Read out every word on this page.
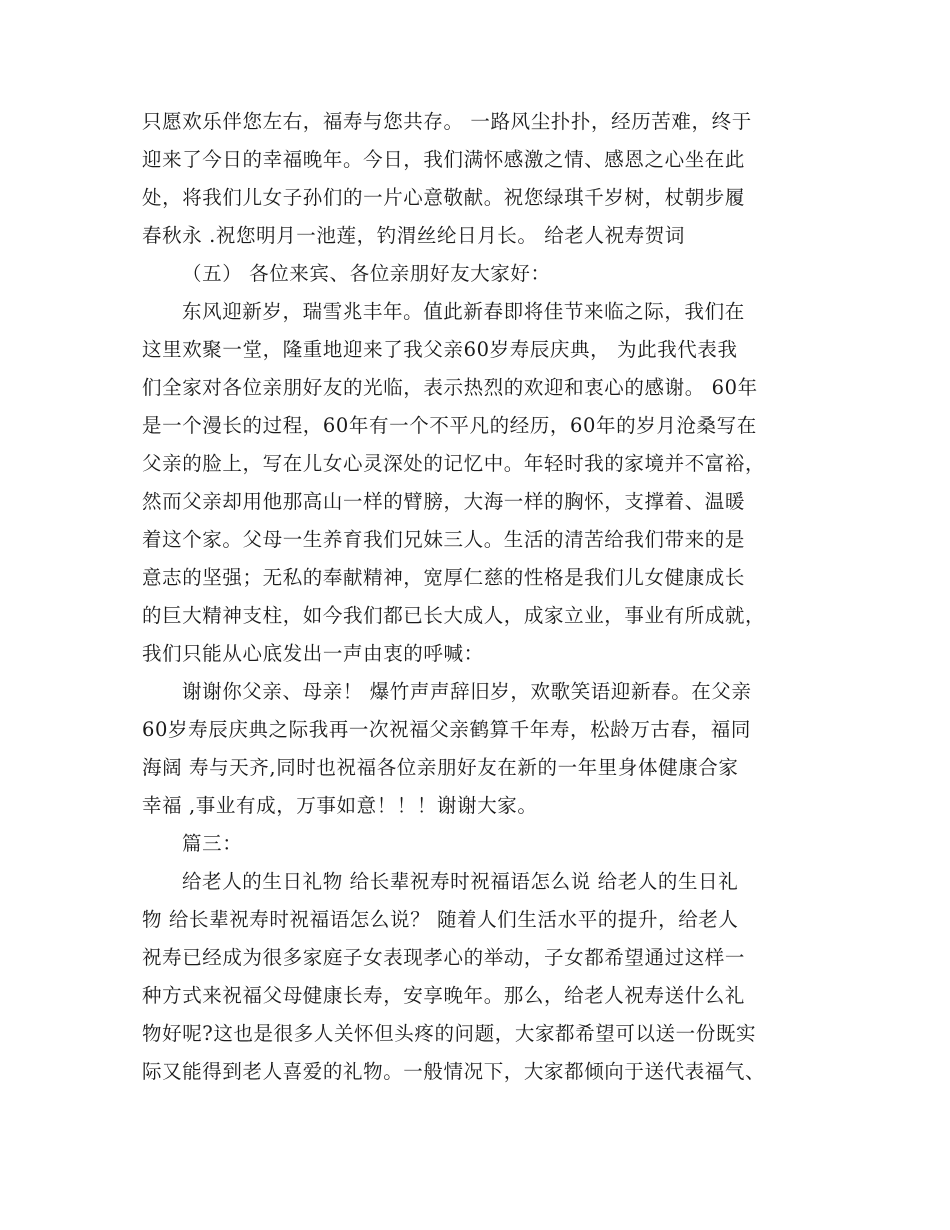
只愿欢乐伴您左右，福寿与您共存。 一路风尘扑扑，经历苦难，终于
迎来了今日的幸福晚年。今日，我们满怀感激之情、感恩之心坐在此
处，将我们儿女子孙们的一片心意敬献。祝您绿琪千岁树，杖朝步履
春秋永 .祝您明月一池莲，钓渭丝纶日月长。 给老人祝寿贺词
（五） 各位来宾、各位亲朋好友大家好：
东风迎新岁，瑞雪兆丰年。值此新春即将佳节来临之际，我们在
这里欢聚一堂，隆重地迎来了我父亲60岁寿辰庆典， 为此我代表我
们全家对各位亲朋好友的光临，表示热烈的欢迎和衷心的感谢。 60年
是一个漫长的过程，60年有一个不平凡的经历，60年的岁月沧桑写在
父亲的脸上，写在儿女心灵深处的记忆中。年轻时我的家境并不富裕，
然而父亲却用他那高山一样的臂膀，大海一样的胸怀，支撑着、温暖
着这个家。父母一生养育我们兄妹三人。生活的清苦给我们带来的是
意志的坚强；无私的奉献精神，宽厚仁慈的性格是我们儿女健康成长
的巨大精神支柱，如今我们都已长大成人，成家立业，事业有所成就，
我们只能从心底发出一声由衷的呼喊：
谢谢你父亲、母亲！ 爆竹声声辞旧岁，欢歌笑语迎新春。在父亲
60岁寿辰庆典之际我再一次祝福父亲鹤算千年寿，松龄万古春，福同
海阔 寿与天齐,同时也祝福各位亲朋好友在新的一年里身体健康合家
幸福 ,事业有成，万事如意！！！谢谢大家。
篇三：
给老人的生日礼物 给长辈祝寿时祝福语怎么说 给老人的生日礼
物 给长辈祝寿时祝福语怎么说？ 随着人们生活水平的提升，给老人
祝寿已经成为很多家庭子女表现孝心的举动，子女都希望通过这样一
种方式来祝福父母健康长寿，安享晚年。那么，给老人祝寿送什么礼
物好呢?这也是很多人关怀但头疼的问题，大家都希望可以送一份既实
际又能得到老人喜爱的礼物。一般情况下，大家都倾向于送代表福气、
